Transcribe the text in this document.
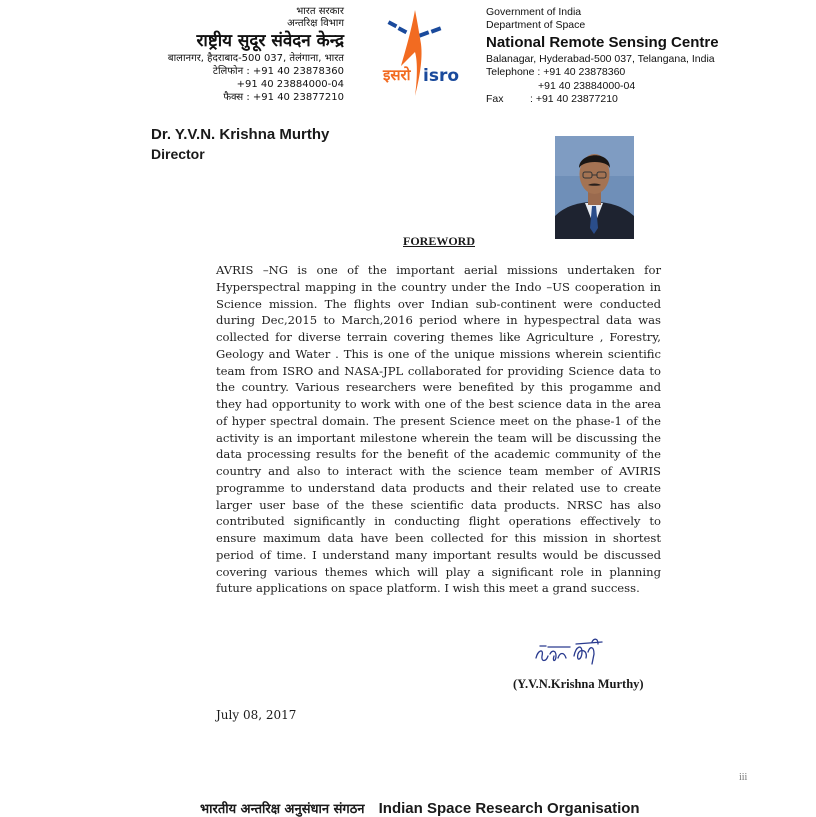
भारत सरकार
अन्तरिक्ष विभाग
राष्ट्रीय सुदूर संवेदन केन्द्र
बालानगर, हैदराबाद-500 037, तेलंगाना, भारत
टेलिफोन : +91 40 23878360
+91 40 23884000-04
फैक्स : +91 40 23877210
इसरो isro
Government of India
Department of Space
National Remote Sensing Centre
Balanagar, Hyderabad-500 037, Telangana, India
Telephone : +91 40 23878360
+91 40 23884000-04
Fax	: +91 40 23877210
Dr. Y.V.N. Krishna Murthy
Director
FOREWORD
AVRIS –NG is one of the important aerial missions undertaken for Hyperspectral mapping in the country under the Indo –US cooperation in Science mission. The flights over Indian sub-continent were conducted during Dec,2015 to March,2016 period where in hypespectral data was collected for diverse terrain covering themes like Agriculture , Forestry, Geology and Water . This is one of the unique missions wherein scientific team from ISRO and NASA-JPL collaborated for providing Science data to the country. Various researchers were benefited by this progamme and they had opportunity to work with one of the best science data in the area of hyper spectral domain. The present Science meet on the phase-1 of the activity is an important milestone wherein the team will be discussing the data processing results for the benefit of the academic community of the country and also to interact with the science team member of AVIRIS programme to understand data products and their related use to create larger user base of the these scientific data products. NRSC has also contributed significantly in conducting flight operations effectively to ensure maximum data have been collected for this mission in shortest period of time. I understand many important results would be discussed covering various themes which will play a significant role in planning future applications on space platform. I wish this meet a grand success.
(Y.V.N.Krishna Murthy)
July 08, 2017
iii
भारतीय अन्तरिक्ष अनुसंधान संगठन Indian Space Research Organisation
